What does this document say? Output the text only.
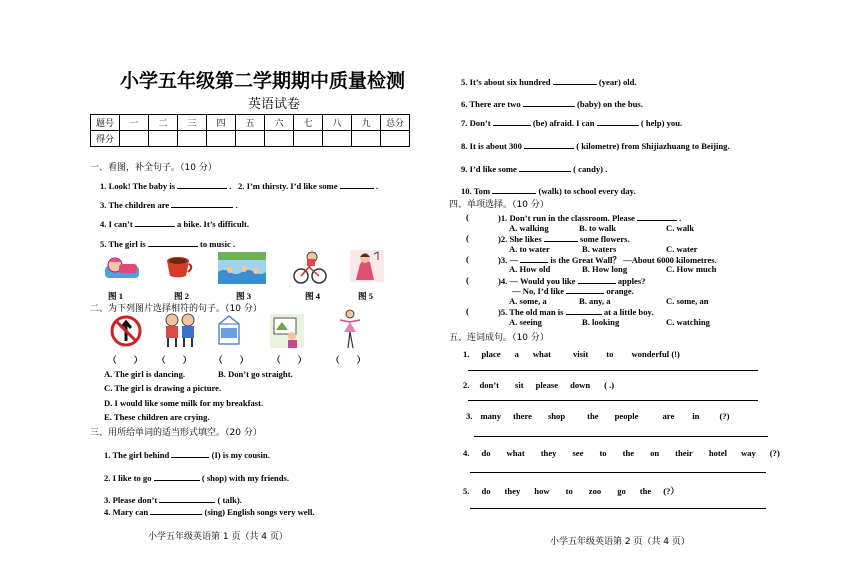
小学五年级第二学期期中质量检测
英语试卷
题号	一	二	三	四	五	六	七	八	九	总分
得分										
一、看图，补全句子。（10 分）
1. Look! The baby is	. 2. I’m thirsty. I’d like some	.
3. The children are	.
4. I can’t	a bike. It’s difficult.
5. The girl is	to music .
图 1	图 2	图 3	图 4	图 5
二、为下列图片选择相符的句子。（10 分）
（　　） （　　）	（　　）	（　　）	（　　）
A. The girl is dancing.	B. Don’t go straight.
C. The girl is drawing a picture.
D. I would like some milk for my breakfast.
E. These children are crying.
三、用所给单词的适当形式填空。（20 分）
1. The girl behind	(I) is my cousin.
2. I like to go	( shop) with my friends.
3. Please don’t	( talk).
4. Mary can	(sing) English songs very well.
小学五年级英语第 1 页（共 4 页）
5. It’s about six hundred	(year) old.
6. There are two	(baby) on the bus.
7. Don’t	(be) afraid. I can	( help) you.
8. It is about 300	( kilometre) from Shijiazhuang to Beijing.
9. I’d like some	( candy) .
10. Tom	(walk) to school every day.
四、单项选择。（10 分）
(	)1. Don’t run in the classroom. Please	.
A. walking	B. to walk	C. walk
(	)2. She likes	some flowers.
A. to water	B. waters	C. water
(	)3. —	is the Great Wall？ —About 6000 kilometres.
A. How old	B. How long	C. How much
(	)4. — Would you like	apples?
— No, I’d like	orange.
A. some, a	B. any, a	C. some, an
(	)5. The old man is	at a little boy.
A. seeing	B. looking	C. watching
五、连词成句。（10 分）
1. place a what	visit to wonderful (!)
2. don’t sit please down ( .)
3. many there shop	the people	are in (?)
4. do what they see to the on their hotel way (?)
5. do they how to zoo go the (?）
小学五年级英语第 2 页（共 4 页）
